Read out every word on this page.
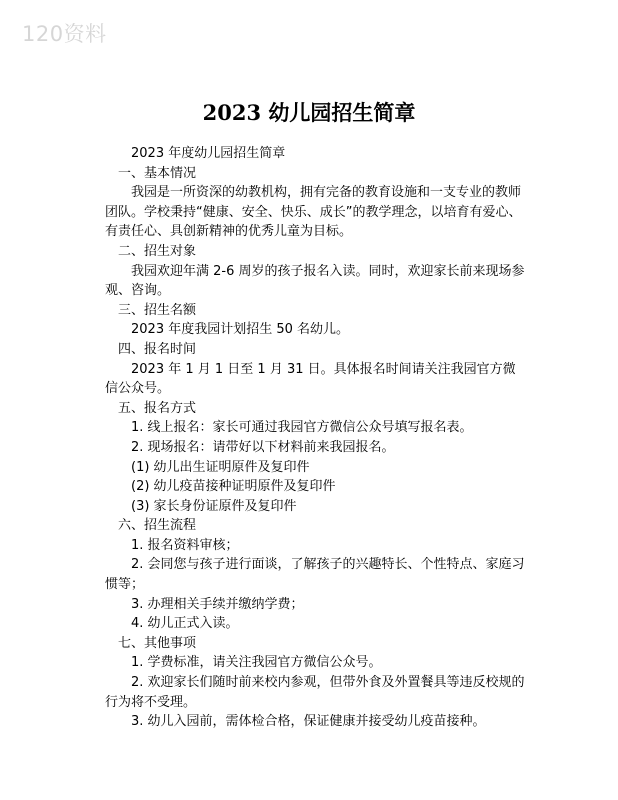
120资料
2023 幼儿园招生简章

2023 年度幼儿园招生简章

一、基本情况

我园是一所资深的幼教机构，拥有完备的教育设施和一支专业的教师团队。学校秉持“健康、安全、快乐、成长”的教学理念，以培育有爱心、有责任心、具创新精神的优秀儿童为目标。

二、招生对象

我园欢迎年满 2-6 周岁的孩子报名入读。同时，欢迎家长前来现场参观、咨询。

三、招生名额

2023 年度我园计划招生 50 名幼儿。

四、报名时间

2023 年 1 月 1 日至 1 月 31 日。具体报名时间请关注我园官方微信公众号。

五、报名方式

1. 线上报名：家长可通过我园官方微信公众号填写报名表。

2. 现场报名：请带好以下材料前来我园报名。

(1) 幼儿出生证明原件及复印件

(2) 幼儿疫苗接种证明原件及复印件

(3) 家长身份证原件及复印件

六、招生流程

1. 报名资料审核；

2. 会同您与孩子进行面谈，了解孩子的兴趣特长、个性特点、家庭习惯等；

3. 办理相关手续并缴纳学费；

4. 幼儿正式入读。

七、其他事项

1. 学费标准，请关注我园官方微信公众号。

2. 欢迎家长们随时前来校内参观，但带外食及外置餐具等违反校规的行为将不受理。

3. 幼儿入园前，需体检合格，保证健康并接受幼儿疫苗接种。
